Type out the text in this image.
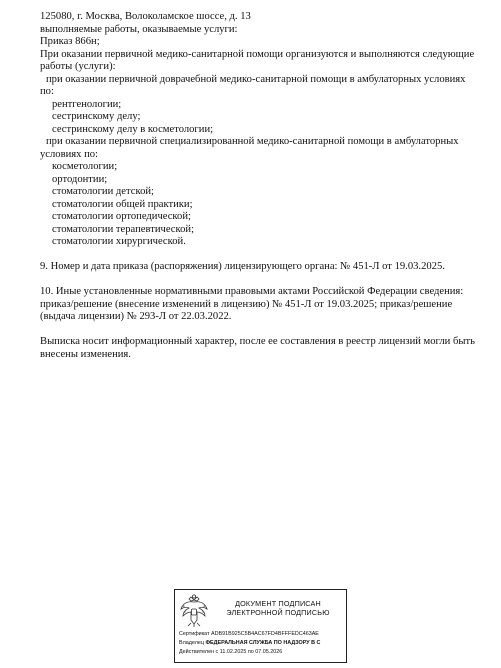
125080, г. Москва, Волоколамское шоссе, д. 13
выполняемые работы, оказываемые услуги:
Приказ 866н;
При оказании первичной медико-санитарной помощи организуются и выполняются следующие
работы (услуги):
при оказании первичной доврачебной медико-санитарной помощи в амбулаторных условиях
по:
рентгенологии;
сестринскому делу;
сестринскому делу в косметологии;
при оказании первичной специализированной медико-санитарной помощи в амбулаторных
условиях по:
косметологии;
ортодонтии;
стоматологии детской;
стоматологии общей практики;
стоматологии ортопедической;
стоматологии терапевтической;
стоматологии хирургической.
9. Номер и дата приказа (распоряжения) лицензирующего органа: № 451-Л от 19.03.2025.
10. Иные установленные нормативными правовыми актами Российской Федерации сведения:
приказ/решение (внесение изменений в лицензию) № 451-Л от 19.03.2025; приказ/решение
(выдача лицензии) № 293-Л от 22.03.2022.
Выписка носит информационный характер, после ее составления в реестр лицензий могли быть
внесены изменения.
ДОКУМЕНТ ПОДПИСАН
ЭЛЕКТРОННОЙ ПОДПИСЬЮ
Сертификат ADB91B925C5B4AC67FD4BFFFEDC463AE
Владелец ФЕДЕРАЛЬНАЯ СЛУЖБА ПО НАДЗОРУ В С
Действителен с 11.02.2025 по 07.05.2026
